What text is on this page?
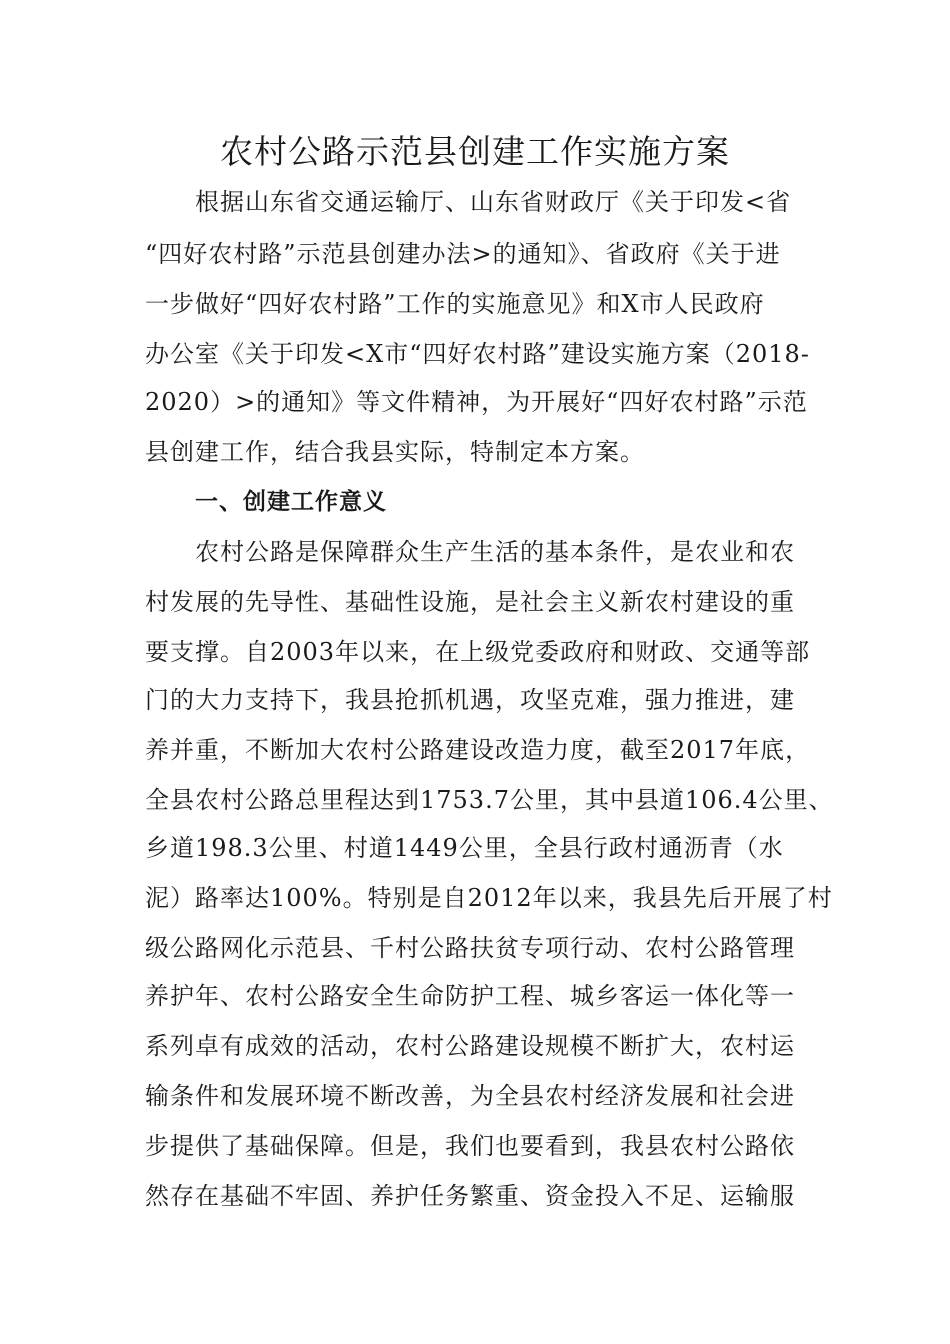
农村公路示范县创建工作实施方案
根据山东省交通运输厅、山东省财政厅《关于印发<省
“四好农村路”示范县创建办法>的通知》、省政府《关于进
一步做好“四好农村路”工作的实施意见》和X市人民政府
办公室《关于印发<X市“四好农村路”建设实施方案（2018-
2020）>的通知》等文件精神，为开展好“四好农村路”示范
县创建工作，结合我县实际，特制定本方案。
一、创建工作意义
农村公路是保障群众生产生活的基本条件，是农业和农
村发展的先导性、基础性设施，是社会主义新农村建设的重
要支撑。自2003年以来，在上级党委政府和财政、交通等部
门的大力支持下，我县抢抓机遇，攻坚克难，强力推进，建
养并重，不断加大农村公路建设改造力度，截至2017年底，
全县农村公路总里程达到1753.7公里，其中县道106.4公里、
乡道198.3公里、村道1449公里，全县行政村通沥青（水
泥）路率达100%。特别是自2012年以来，我县先后开展了村
级公路网化示范县、千村公路扶贫专项行动、农村公路管理
养护年、农村公路安全生命防护工程、城乡客运一体化等一
系列卓有成效的活动，农村公路建设规模不断扩大，农村运
输条件和发展环境不断改善，为全县农村经济发展和社会进
步提供了基础保障。但是，我们也要看到，我县农村公路依
然存在基础不牢固、养护任务繁重、资金投入不足、运输服
